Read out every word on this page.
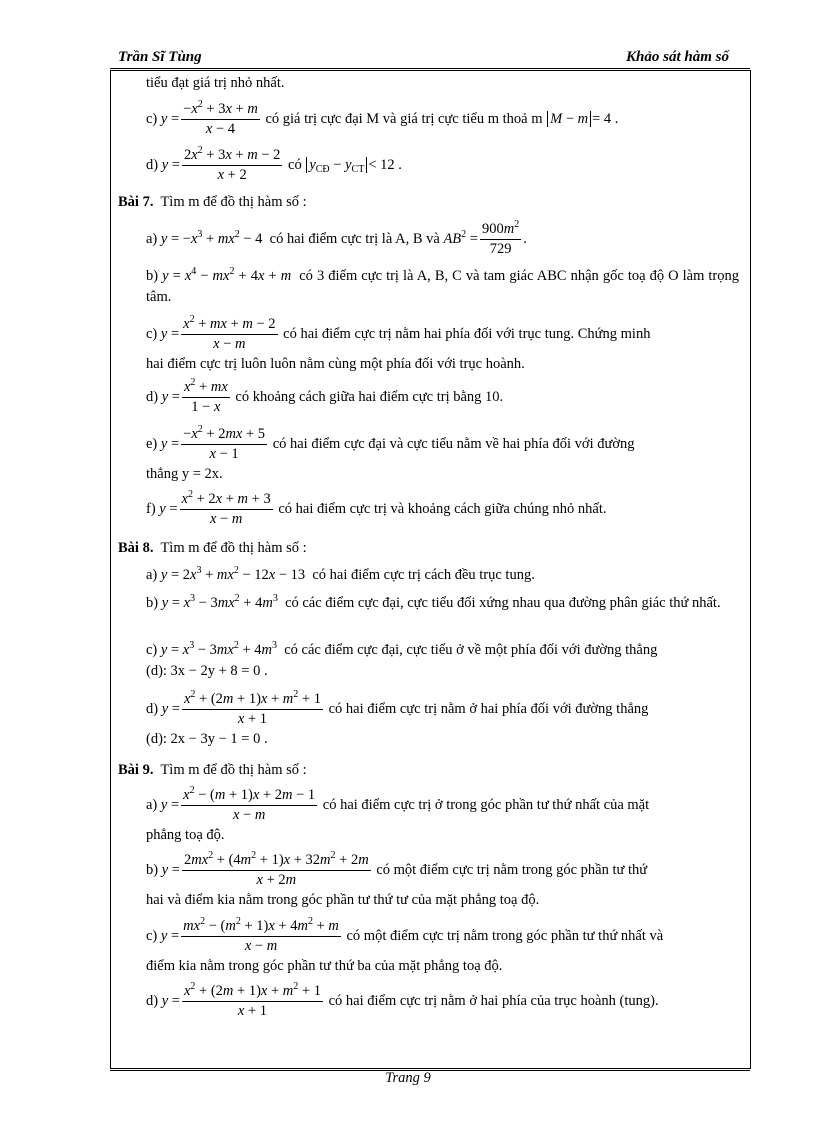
Trần Sĩ Tùng	Khảo sát hàm số
Trang 9
tiểu đạt giá trị nhỏ nhất.
c) $y = \frac{-x^2 + 3x + m}{x - 4}$ có giá trị cực đại M và giá trị cực tiểu m thoả m M − m = 4 .
d) $y = \frac{2x^2 + 3x + m - 2}{x + 2}$ có $y_{CĐ} - y_{CT} < 12$ .
Bài 7. Tìm m để đồ thị hàm số :
a) $y = -x^3 + mx^2 - 4$  có hai điểm cực trị là A, B và $AB^2 = \frac{900m^2}{729}$ .
b) $y = x^4 - mx^2 + 4x + m$ có 3 điểm cực trị là A, B, C và tam giác ABC nhận gốc toạ độ O làm trọng tâm.
c) $y = \frac{x^2 + mx + m - 2}{x - m}$ có hai điểm cực trị nằm hai phía đối với trục tung. Chứng minh
hai điểm cực trị luôn luôn nằm cùng một phía đối với trục hoành.
d) $y = \frac{x^2 + mx}{1 - x}$ có khoảng cách giữa hai điểm cực trị bằng 10.
e) $y = \frac{-x^2 + 2mx + 5}{x - 1}$ có hai điểm cực đại và cực tiểu nằm về hai phía đối với đường
thẳng y = 2x.
f) $y = \frac{x^2 + 2x + m + 3}{x - m}$ có hai điểm cực trị và khoảng cách giữa chúng nhỏ nhất.
Bài 8. Tìm m để đồ thị hàm số :
a) $y = 2x^3 + mx^2 - 12x - 13$  có hai điểm cực trị cách đều trục tung.
b) $y = x^3 - 3mx^2 + 4m^3$ có các điểm cực đại, cực tiểu đối xứng nhau qua đường phân giác thứ nhất.
c) $y = x^3 - 3mx^2 + 4m^3$ có các điểm cực đại, cực tiểu ở về một phía đối với đường thẳng
(d): 3x − 2y + 8 = 0 .
d) $y = \frac{x^2 + (2m + 1)x + m^2 + 1}{x + 1}$ có hai điểm cực trị nằm ở hai phía đối với đường thẳng
(d): 2x − 3y − 1 = 0 .
Bài 9. Tìm m để đồ thị hàm số :
a) $y = \frac{x^2 - (m + 1)x + 2m - 1}{x - m}$ có hai điểm cực trị ở trong góc phần tư thứ nhất của mặt
phẳng toạ độ.
b) $y = \frac{2mx^2 + (4m^2 + 1)x + 32m^2 + 2m}{x + 2m}$ có một điểm cực trị nằm trong góc phần tư thứ
hai và điểm kia nằm trong góc phần tư thứ tư của mặt phẳng toạ độ.
c) $y = \frac{mx^2 - (m^2 + 1)x + 4m^2 + m}{x - m}$ có một điểm cực trị nằm trong góc phần tư thứ nhất và
điểm kia nằm trong góc phần tư thứ ba của mặt phẳng toạ độ.
d) $y = \frac{x^2 + (2m + 1)x + m^2 + 1}{x + 1}$ có hai điểm cực trị nằm ở hai phía của trục hoành (tung).
